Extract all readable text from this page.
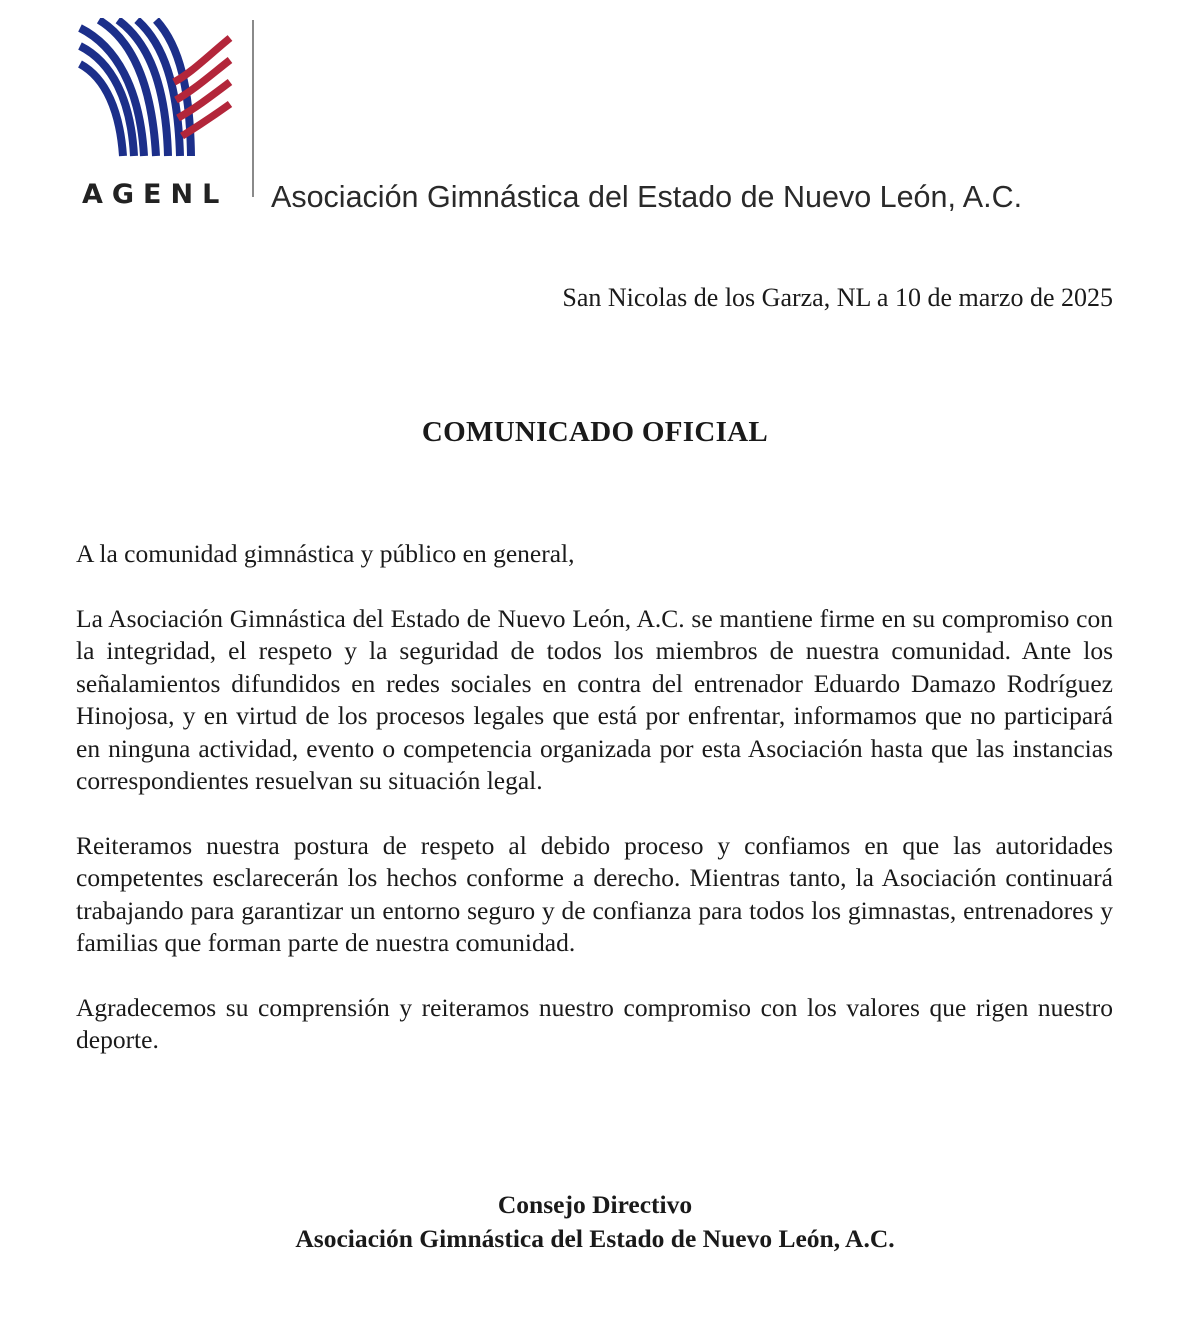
AGENL Asociación Gimnástica del Estado de Nuevo León, A.C.
San Nicolas de los Garza, NL a 10 de marzo de 2025
COMUNICADO OFICIAL

A la comunidad gimnástica y público en general,

La Asociación Gimnástica del Estado de Nuevo León, A.C. se mantiene firme en su compromiso con la integridad, el respeto y la seguridad de todos los miembros de nuestra comunidad. Ante los señalamientos difundidos en redes sociales en contra del entrenador Eduardo Damazo Rodríguez Hinojosa, y en virtud de los procesos legales que está por enfrentar, informamos que no participará en ninguna actividad, evento o competencia organizada por esta Asociación hasta que las instancias correspondientes resuelvan su situación legal.

Reiteramos nuestra postura de respeto al debido proceso y confiamos en que las autoridades competentes esclarecerán los hechos conforme a derecho. Mientras tanto, la Asociación continuará trabajando para garantizar un entorno seguro y de confianza para todos los gimnastas, entrenadores y familias que forman parte de nuestra comunidad.

Agradecemos su comprensión y reiteramos nuestro compromiso con los valores que rigen nuestro deporte.

Consejo Directivo
Asociación Gimnástica del Estado de Nuevo León, A.C.
